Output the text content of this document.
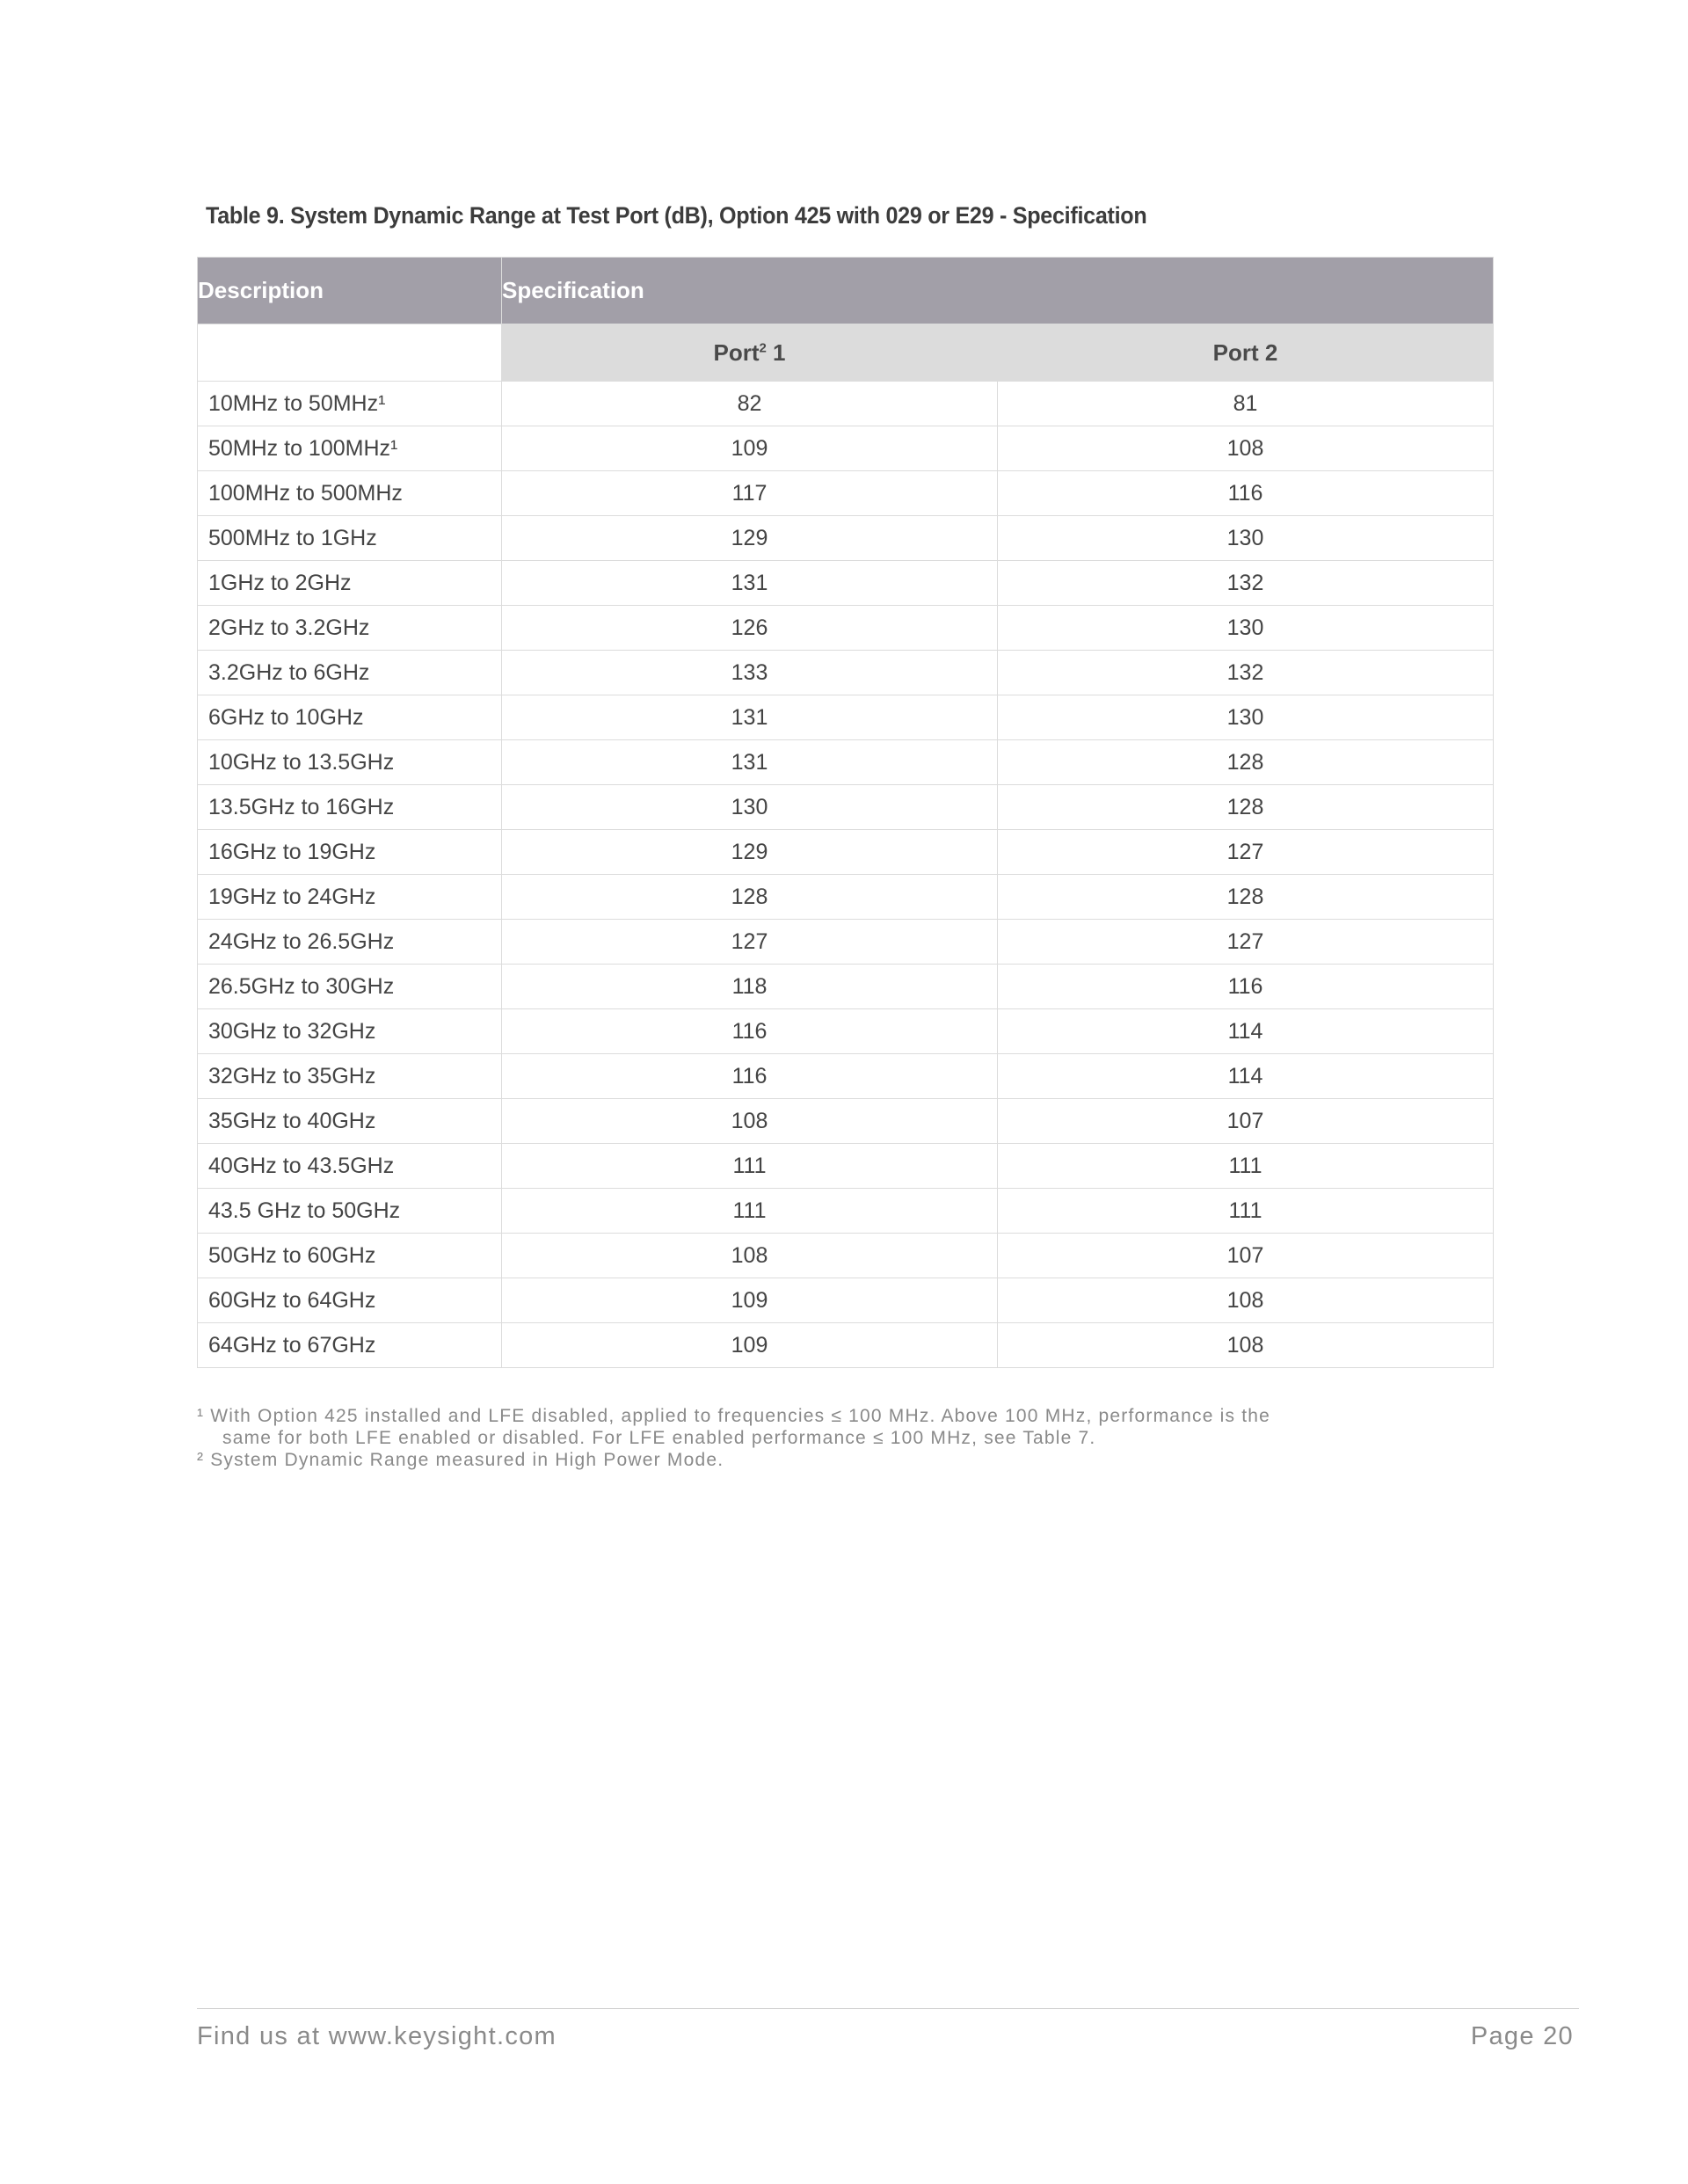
Table 9. System Dynamic Range at Test Port (dB), Option 425 with 029 or E29 - Specification
Description	Specification	
	Port$^2$ 1	Port 2
10MHz to 50MHz¹	82	81
50MHz to 100MHz¹	109	108
100MHz to 500MHz	117	116
500MHz to 1GHz	129	130
1GHz to 2GHz	131	132
2GHz to 3.2GHz	126	130
3.2GHz to 6GHz	133	132
6GHz to 10GHz	131	130
10GHz to 13.5GHz	131	128
13.5GHz to 16GHz	130	128
16GHz to 19GHz	129	127
19GHz to 24GHz	128	128
24GHz to 26.5GHz	127	127
26.5GHz to 30GHz	118	116
30GHz to 32GHz	116	114
32GHz to 35GHz	116	114
35GHz to 40GHz	108	107
40GHz to 43.5GHz	111	111
43.5 GHz to 50GHz	111	111
50GHz to 60GHz	108	107
60GHz to 64GHz	109	108
64GHz to 67GHz	109	108

¹ With Option 425 installed and LFE disabled, applied to frequencies ≤ 100 MHz. Above 100 MHz, performance is the
same for both LFE enabled or disabled. For LFE enabled performance ≤ 100 MHz, see Table 7.

² System Dynamic Range measured in High Power Mode.

Find us at www.keysight.com	Page 20
